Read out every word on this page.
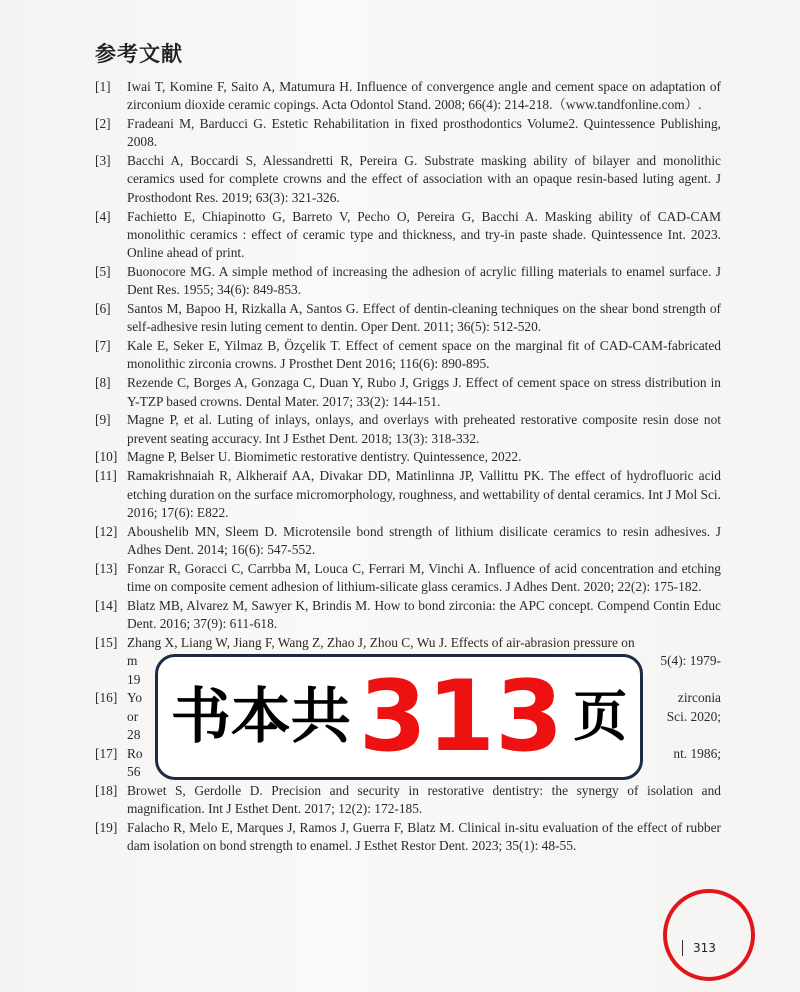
参考文献
[1]	Iwai T, Komine F, Saito A, Matumura H. Influence of convergence angle and cement space on adaptation of zirconium dioxide ceramic copings. Acta Odontol Stand. 2008; 66(4): 214-218.（www.tandfonline.com）.
[2]	Fradeani M, Barducci G. Estetic Rehabilitation in fixed prosthodontics Volume2. Quintessence Publishing, 2008.
[3]	Bacchi A, Boccardi S, Alessandretti R, Pereira G. Substrate masking ability of bilayer and monolithic ceramics used for complete crowns and the effect of association with an opaque resin-based luting agent. J Prosthodont Res. 2019; 63(3): 321-326.
[4]	Fachietto E, Chiapinotto G, Barreto V, Pecho O, Pereira G, Bacchi A. Masking ability of CAD-CAM monolithic ceramics : effect of ceramic type and thickness, and try-in paste shade. Quintessence Int. 2023. Online ahead of print.
[5]	Buonocore MG. A simple method of increasing the adhesion of acrylic filling materials to enamel surface. J Dent Res. 1955; 34(6): 849-853.
[6]	Santos M, Bapoo H, Rizkalla A, Santos G. Effect of dentin-cleaning techniques on the shear bond strength of self-adhesive resin luting cement to dentin. Oper Dent. 2011; 36(5): 512-520.
[7]	Kale E, Seker E, Yilmaz B, Özçelik T. Effect of cement space on the marginal fit of CAD-CAM-fabricated monolithic zirconia crowns. J Prosthet Dent 2016; 116(6): 890-895.
[8]	Rezende C, Borges A, Gonzaga C, Duan Y, Rubo J, Griggs J. Effect of cement space on stress distribution in Y-TZP based crowns. Dental Mater. 2017; 33(2): 144-151.
[9]	Magne P, et al. Luting of inlays, onlays, and overlays with preheated restorative composite resin dose not prevent seating accuracy. Int J Esthet Dent. 2018; 13(3): 318-332.
[10] Magne P, Belser U. Biomimetic restorative dentistry. Quintessence, 2022.
[11] Ramakrishnaiah R, Alkheraif AA, Divakar DD, Matinlinna JP, Vallittu PK. The effect of hydrofluoric acid etching duration on the surface micromorphology, roughness, and wettability of dental ceramics. Int J Mol Sci. 2016; 17(6): E822.
[12] Aboushelib MN, Sleem D. Microtensile bond strength of lithium disilicate ceramics to resin adhesives. J Adhes Dent. 2014; 16(6): 547-552.
[13] Fonzar R, Goracci C, Carrbba M, Louca C, Ferrari M, Vinchi A. Influence of acid concentration and etching time on composite cement adhesion of lithium-silicate glass ceramics. J Adhes Dent. 2020; 22(2): 175-182.
[14] Blatz MB, Alvarez M, Sawyer K, Brindis M. How to bond zirconia: the APC concept. Compend Contin Educ Dent. 2016; 37(9): 611-618.
[15] Zhang X, Liang W, Jiang F, Wang Z, Zhao J, Zhou C, Wu J. Effects of air-abrasion pressure on
m	5(4): 1979-
19
[16] Yo	zirconia
or	Sci. 2020;
28
[17] Ro	nt. 1986;
56
书本共 313 页
[18] Browet S, Gerdolle D. Precision and security in restorative dentistry: the synergy of isolation and magnification. Int J Esthet Dent. 2017; 12(2): 172-185.
[19] Falacho R, Melo E, Marques J, Ramos J, Guerra F, Blatz M. Clinical in-situ evaluation of the effect of rubber dam isolation on bond strength to enamel. J Esthet Restor Dent. 2023; 35(1): 48-55.
313
